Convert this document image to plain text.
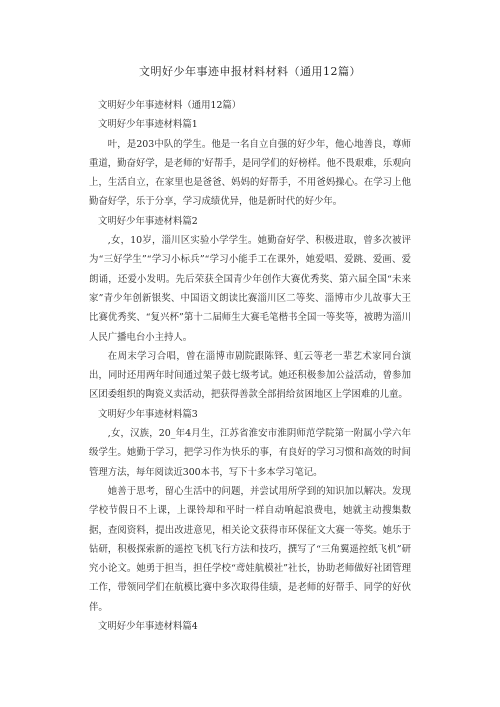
文明好少年事迹申报材料材料（通用12篇）

文明好少年事迹材料（通用12篇）

文明好少年事迹材料篇1

叶，是203中队的学生。他是一名自立自强的好少年，他心地善良，尊师重道，勤奋好学，是老师的'好帮手，是同学们的好榜样。他不畏艰难，乐观向上，生活自立，在家里也是爸爸、妈妈的好帮手，不用爸妈操心。在学习上他勤奋好学，乐于分享，学习成绩优异，他是新时代的好少年。

文明好少年事迹材料篇2

,女，10岁，淄川区实验小学学生。她勤奋好学、积极进取，曾多次被评为“三好学生”“学习小标兵”“学习小能手工在课外，她爱唱、爱跳、爱画、爱朗诵，还爱小发明。先后荣获全国青少年创作大赛优秀奖、第六届全国“未来家”青少年创新银奖、中国语文朗读比赛淄川区二等奖、淄博市少儿故事大王比赛优秀奖、“复兴杯”第十二届师生大赛毛笔楷书全国一等奖等，被聘为淄川人民广播电台小主持人。

在周末学习合唱，曾在淄博市剧院跟陈铎、虹云等老一辈艺术家同台演出，同时还用两年时间通过架子鼓七级考试。她还积极参加公益活动，曾参加区团委组织的陶瓷义卖活动，把获得善款全部捐给贫困地区上学困难的儿童。

文明好少年事迹材料篇3

,女，汉族，20_年4月生，江苏省淮安市淮阴师范学院第一附属小学六年级学生。她勤于学习，把学习作为快乐的事，有良好的学习习惯和高效的时间管理方法，每年阅读近300本书，写下十多本学习笔记。

她善于思考，留心生活中的问题，并尝试用所学到的知识加以解决。发现学校节假日不上课，上课铃却和平时一样自动响起浪费电，她就主动搜集数据，查阅资料，提出改进意见，相关论文获得市环保征文大赛一等奖。她乐于钻研，积极探索新的遥控飞机飞行方法和技巧，撰写了“三角翼遥控纸飞机”研究小论文。她勇于担当，担任学校“鸢娃航模社”社长，协助老师做好社团管理工作，带领同学们在航模比赛中多次取得佳绩，是老师的好帮手、同学的好伙伴。

文明好少年事迹材料篇4
